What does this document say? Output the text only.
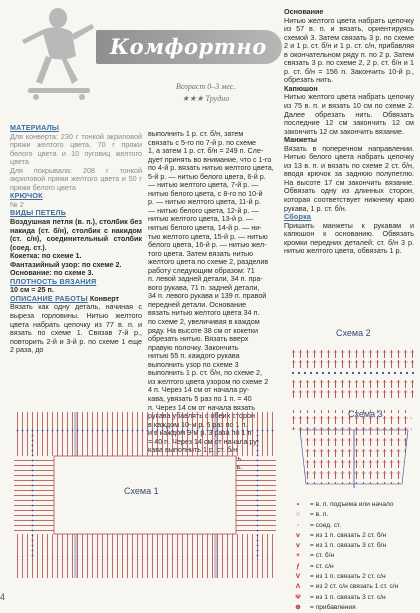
Комфортно
Возраст 0–3 мес.
★★★ Трудно
МАТЕРИАЛЫ

Для конверта: 230 г тонкой акриловой пряжи желтого цвета, 70 г пряжи белого цвета и 10 пуговиц желтого цвета

Для покрывала: 208 г тонкой акриловой пряжи желтого цвета и 50 г пряжи белого цвета

КРЮЧОК

№ 2

ВИДЫ ПЕТЕЛЬ

Воздушная петля (в. п.), столбик без накида (ст. б/н), столбик с накидом (ст. с/н), соединительный столбик (соед. ст.).

Кокетка: по схеме 1.

Фантазийный узор: по схеме 2.

Основание: по схеме 3.

ПЛОТНОСТЬ ВЯЗАНИЯ

10 см = 25 п.

ОПИСАНИЕ РАБОТЫ Конверт

Вязать как одну деталь, начиная с выреза горловины. Нитью желтого цвета набрать цепочку из 77 в. п. и вязать по схеме 1. Связав 7-й р., повторить 2-й и 3-й р. по схеме 1 еще 2 раза, до

выполнить 1 р. ст. б/н, затем
связать с 5-го по 7-й р. по схеме
1, а затем 1 р. ст. б/н = 249 п. Сле-
дует принять во внимание, что с 1-го
по 4-й р. вязать нитью желтого цвета,
5-й р. — нитью белого цвета, 6-й р.
— нитью желтого цвета, 7-й р. —
нитью белого цвета, с 8-го по 10-й
р. — нитью желтого цвета, 11-й р.
— нитью белого цвета, 12-й р. —
нитью желтого цвета, 13-й р. —
нитью белого цвета, 14-й р. — ни-
тью желтого цвета, 15-й р. — нитью
белого цвета, 16-й р. — нитью жел-
того цвета. Затем вязать нитью
желтого цвета по схеме 2, разделив
работу следующим образом: 71
п. левой задней детали, 34 п. пра-
вого рукава, 71 п. задней детали,
34 п. левого рукава и 139 п. правой
передней детали. Основание
вязать нитью желтого цвета 34 п.
по схеме 2, увеличивая в каждом
ряду. На высоте 38 см от кокетки
обрезать нитью. Вязать вверх
правую полочку. Закончить
нитью 55 п. каждого рукава
выполнить узор по схеме 3
выполнить 1 р. ст. б/н, по схеме 2,
из желтого цвета узором по схеме 2
4 п. Через 14 см от начала ру-
кава, увязать 5 раз по 1 п. = 40
п. Через 14 см от начала вязать
Основание

Нитью желтого цвета набрать цепочку из 57 в. п. и вязать, ориентируясь схемой 3. Затем связать 3 р. по схеме 2 и 1 р. ст. б/н и 1 р. ст. с/н, прибавляя в окончательном ряду п. по 2 р. Затем связать 3 р. по схеме 2, 2 р. ст. б/н и 1 р. ст. б/н = 156 п. Закончить 10-й р., обрезать нить.

Капюшон

Нитью желтого цвета набрать цепочку из 75 в. п. и вязать 10 см по схеме 2. Далее обрезать нить. Обвязать последние 12 см закончить 12 см закончить 12 см закончить вязание.

Манжеты

Вязать в поперечном направлении. Нитью белого цвета набрать цепочку из 13 в. п. и вязать по схеме 2 ст. б/н, вводя крючок за заднюю полупетлю. На высоте 17 см закончить вязание. Обвязать одну из длинных сторон, которая соответствует нижнему краю рукава, 1 р. ст. б/н.

Сборка

Пришить манжеты к рукавам и капюшон к основанию. Обвязать кромки передних деталей: ст. б/н 3 р. нитью желтого цвета, обвязать 1 р.

Схема 1
Схема 2
Схема 3
•	= в. п. подъема или начало
○	= в. п.
∙	= соед. ст.
ⅴ	= из 1 п. связать 2 ст. б/н
ⅴ	= из 1 п. связать 3 ст. б/н
+	= ст. б/н
ƒ	= ст. с/н
V	= из 1 п. связать 2 ст. с/н
Λ	= из 2 ст. с/н связать 1 ст. с/н
Ψ	= из 1 п. связать 3 ст. с/н
⊕	= прибавления
4
